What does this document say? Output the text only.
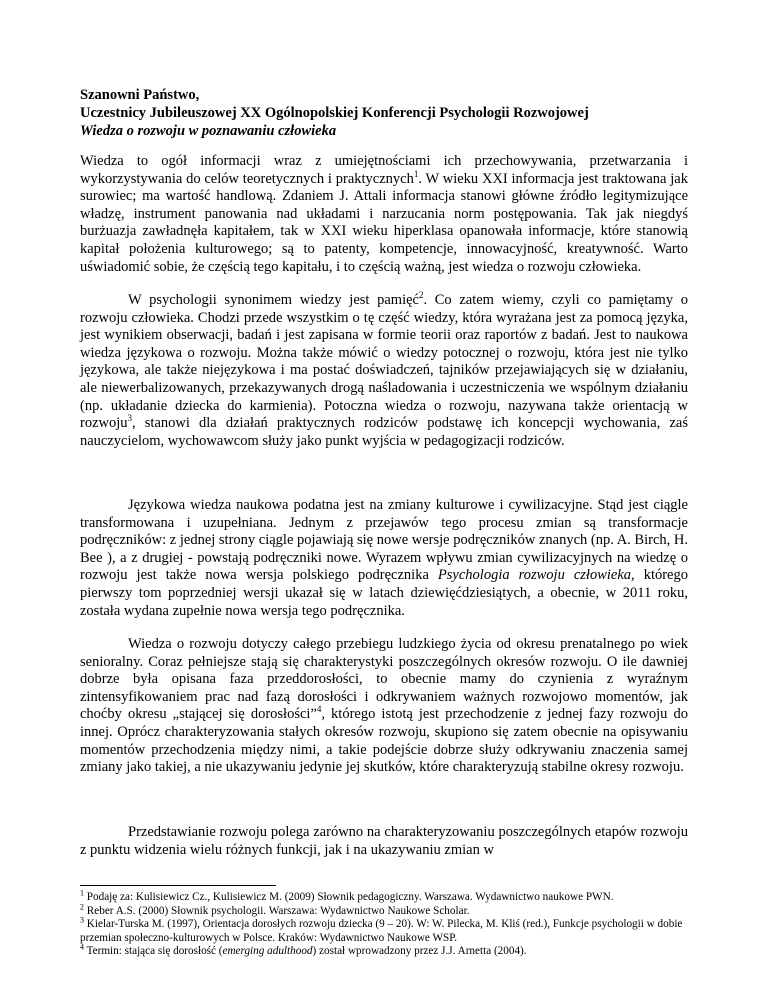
Szanowni Państwo,
Uczestnicy Jubileuszowej XX Ogólnopolskiej Konferencji Psychologii Rozwojowej
Wiedza o rozwoju w poznawaniu człowieka

Wiedza to ogół informacji wraz z umiejętnościami ich przechowywania, przetwarzania i wykorzystywania do celów teoretycznych i praktycznych$^1$. W wieku XXI informacja jest traktowana jak surowiec; ma wartość handlową. Zdaniem J. Attali informacja stanowi główne źródło legitymizujące władzę, instrument panowania nad układami i narzucania norm postępowania. Tak jak niegdyś burżuazja zawładnęła kapitałem, tak w XXI wieku hiperklasa opanowała informacje, które stanowią kapitał położenia kulturowego; są to patenty, kompetencje, innowacyjność, kreatywność. Warto uświadomić sobie, że częścią tego kapitału, i to częścią ważną, jest wiedza o rozwoju człowieka.

W psychologii synonimem wiedzy jest pamięć$^2$. Co zatem wiemy, czyli co pamiętamy o rozwoju człowieka. Chodzi przede wszystkim o tę część wiedzy, która wyrażana jest za pomocą języka, jest wynikiem obserwacji, badań i jest zapisana w formie teorii oraz raportów z badań. Jest to naukowa wiedza językowa o rozwoju. Można także mówić o wiedzy potocznej o rozwoju, która jest nie tylko językowa, ale także niejęzykowa i ma postać doświadczeń, tajników przejawiających się w działaniu, ale niewerbalizowanych, przekazywanych drogą naśladowania i uczestniczenia we wspólnym działaniu (np. układanie dziecka do karmienia). Potoczna wiedza o rozwoju, nazywana także orientacją w rozwoju$^3$, stanowi dla działań praktycznych rodziców podstawę ich koncepcji wychowania, zaś nauczycielom, wychowawcom służy jako punkt wyjścia w pedagogizacji rodziców.

Językowa wiedza naukowa podatna jest na zmiany kulturowe i cywilizacyjne. Stąd jest ciągle transformowana i uzupełniana. Jednym z przejawów tego procesu zmian są transformacje podręczników: z jednej strony ciągle pojawiają się nowe wersje podręczników znanych (np. A. Birch, H. Bee ), a z drugiej - powstają podręczniki nowe. Wyrazem wpływu zmian cywilizacyjnych na wiedzę o rozwoju jest także nowa wersja polskiego podręcznika Psychologia rozwoju człowieka, którego pierwszy tom poprzedniej wersji ukazał się w latach dziewięćdziesiątych, a obecnie, w 2011 roku, została wydana zupełnie nowa wersja tego podręcznika.

Wiedza o rozwoju dotyczy całego przebiegu ludzkiego życia od okresu prenatalnego po wiek senioralny. Coraz pełniejsze stają się charakterystyki poszczególnych okresów rozwoju. O ile dawniej dobrze była opisana faza przeddorosłości, to obecnie mamy do czynienia z wyraźnym zintensyfikowaniem prac nad fazą dorosłości i odkrywaniem ważnych rozwojowo momentów, jak choćby okresu „stającej się dorosłości”$^4$, którego istotą jest przechodzenie z jednej fazy rozwoju do innej. Oprócz charakteryzowania stałych okresów rozwoju, skupiono się zatem obecnie na opisywaniu momentów przechodzenia między nimi, a takie podejście dobrze służy odkrywaniu znaczenia samej zmiany jako takiej, a nie ukazywaniu jedynie jej skutków, które charakteryzują stabilne okresy rozwoju.

Przedstawianie rozwoju polega zarówno na charakteryzowaniu poszczególnych etapów rozwoju z punktu widzenia wielu różnych funkcji, jak i na ukazywaniu zmian w

$^1$ Podaję za: Kulisiewicz Cz., Kulisiewicz M. (2009) Słownik pedagogiczny. Warszawa. Wydawnictwo naukowe PWN.

$^2$ Reber A.S. (2000) Słownik psychologii. Warszawa: Wydawnictwo Naukowe Scholar.

$^3$ Kielar-Turska M. (1997), Orientacja dorosłych rozwoju dziecka (9 – 20). W: W. Pilecka, M. Kliś (red.), Funkcje psychologii w dobie przemian społeczno-kulturowych w Polsce. Kraków: Wydawnictwo Naukowe WSP.

$^4$ Termin: stająca się dorosłość (emerging adulthood) został wprowadzony przez J.J. Arnetta (2004).
